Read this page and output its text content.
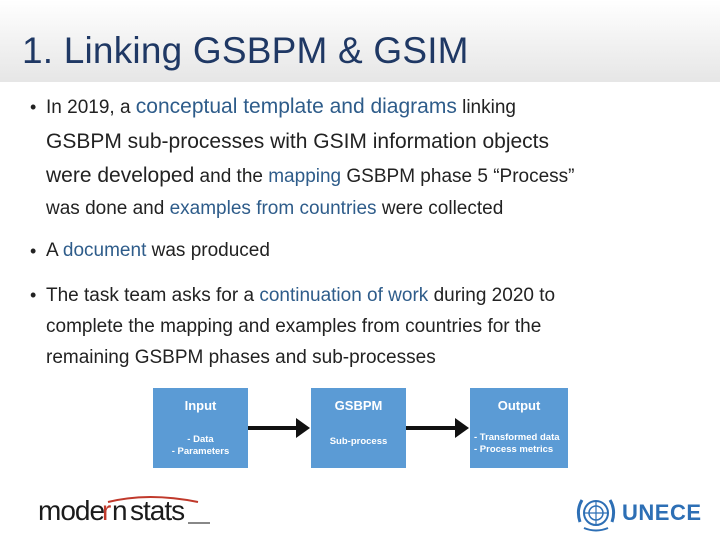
1. Linking GSBPM & GSIM
• In 2019, a conceptual template and diagrams linking
GSBPM sub-processes with GSIM information objects
were developed and the mapping GSBPM phase 5 “Process”
was done and examples from countries were collected
• A document was produced
• The task team asks for a continuation of work during 2020 to
complete the mapping and examples from countries for the
remaining GSBPM phases and sub-processes
Input
- Data
- Parameters
GSBPM
Sub-process
Output
- Transformed data
- Process metrics
mode
r n stats	UNECE
